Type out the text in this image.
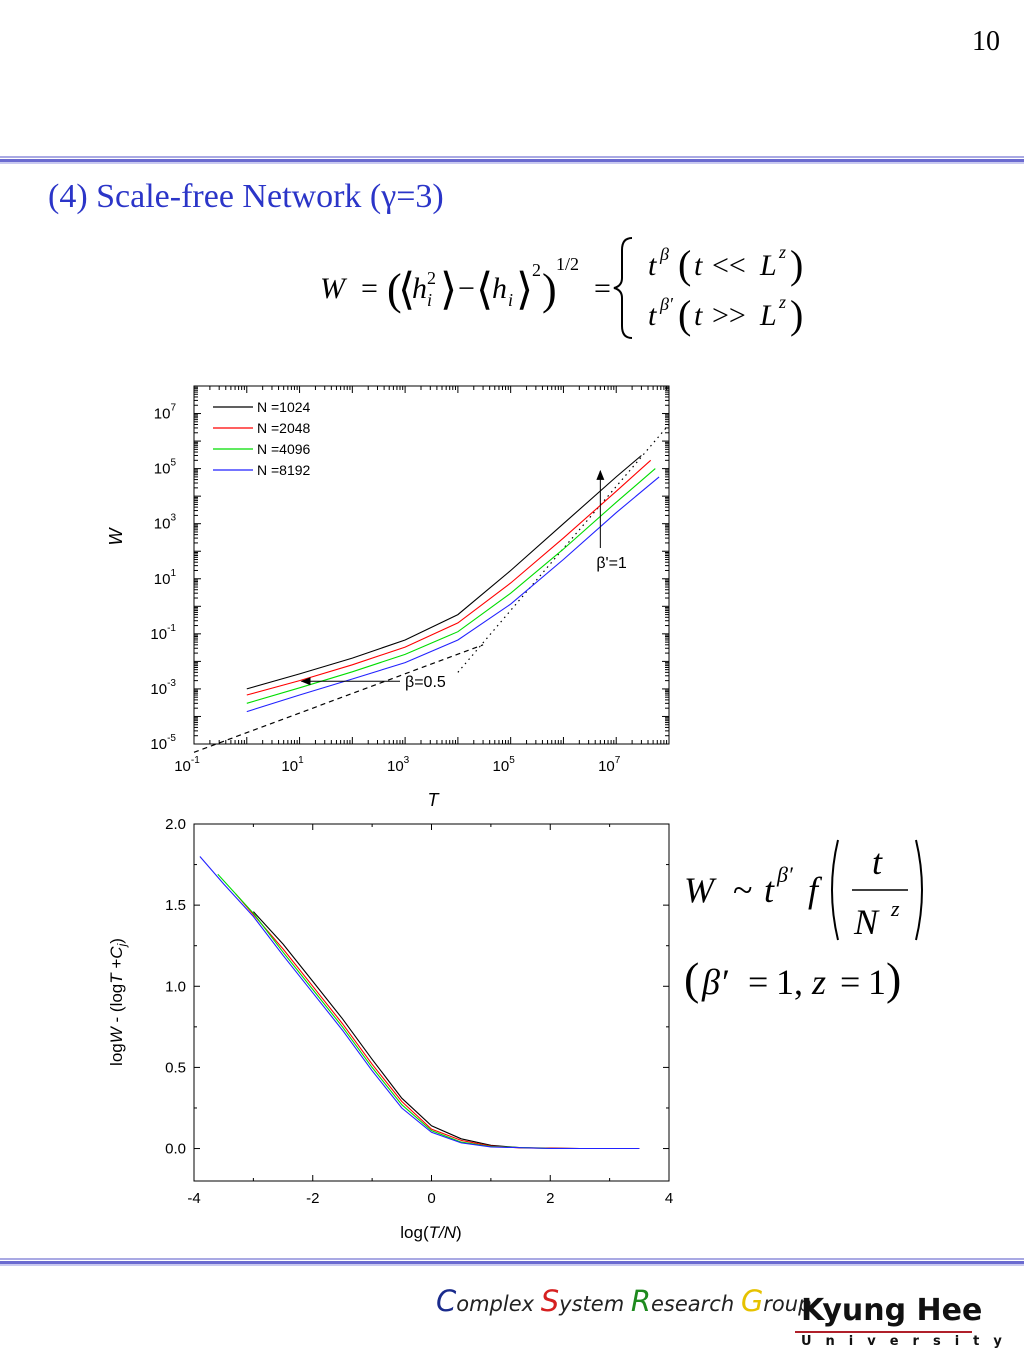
10
(4) Scale-free Network (γ=3)
W = (
⟨
h 2
i ⟩ − ⟨
h i ⟩
2 )
1/2
=
t β ( t << L z )
t β′ ( t >> L z )
$10^{-1}$	$10^1$	$10^3$	$10^5$	$10^7$
$10^{-5}$
$10^{-3}$
$10^{-1}$
$10^1$
$10^3$
$10^5$
$10^7$	N =1024
N =2048
N =4096
N =8192
β=0.5
β'=1
T
W
-4	-2	0	2	4
0.0
0.5
1.0
1.5
2.0
log(T/N)
$\log W - (\log T +C_j)$
W ~ t β′ f
t
N z
( β′ = 1, z = 1 )
Complex System Research Group
Kyung Hee
University
